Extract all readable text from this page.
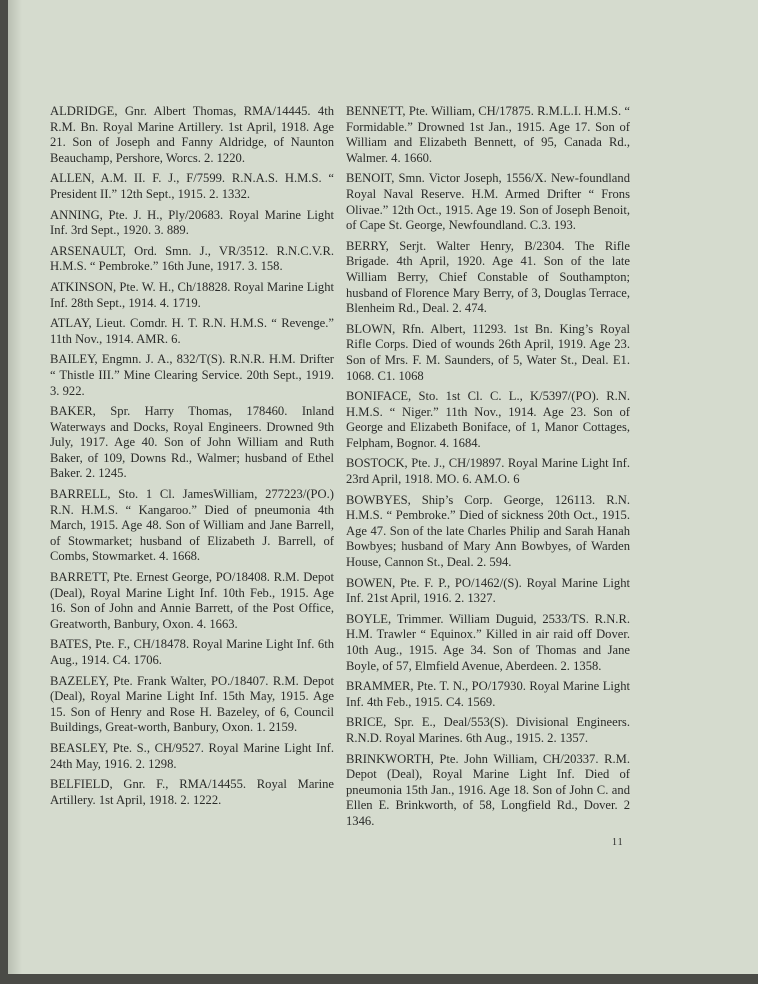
ALDRIDGE, Gnr. Albert Thomas, RMA/14445. 4th R.M. Bn. Royal Marine Artillery. 1st April, 1918. Age 21. Son of Joseph and Fanny Aldridge, of Naunton Beauchamp, Pershore, Worcs. 2. 1220.

ALLEN, A.M. II. F. J., F/7599. R.N.A.S. H.M.S. “ President II.” 12th Sept., 1915. 2. 1332.

ANNING, Pte. J. H., Ply/20683. Royal Marine Light Inf. 3rd Sept., 1920. 3. 889.

ARSENAULT, Ord. Smn. J., VR/3512. R.N.C.V.R. H.M.S. “ Pembroke.” 16th June, 1917. 3. 158.

ATKINSON, Pte. W. H., Ch/18828. Royal Marine Light Inf. 28th Sept., 1914. 4. 1719.

ATLAY, Lieut. Comdr. H. T. R.N. H.M.S. “ Revenge.” 11th Nov., 1914. AMR. 6.

BAILEY, Engmn. J. A., 832/T(S). R.N.R. H.M. Drifter “ Thistle III.” Mine Clearing Service. 20th Sept., 1919. 3. 922.

BAKER, Spr. Harry Thomas, 178460. Inland Waterways and Docks, Royal Engineers. Drowned 9th July, 1917. Age 40. Son of John William and Ruth Baker, of 109, Downs Rd., Walmer; husband of Ethel Baker. 2. 1245.

BARRELL, Sto. 1 Cl. JamesWilliam, 277223/(PO.) R.N. H.M.S. “ Kangaroo.” Died of pneumonia 4th March, 1915. Age 48. Son of William and Jane Barrell, of Stowmarket; husband of Elizabeth J. Barrell, of Combs, Stowmarket. 4. 1668.

BARRETT, Pte. Ernest George, PO/18408. R.M. Depot (Deal), Royal Marine Light Inf. 10th Feb., 1915. Age 16. Son of John and Annie Barrett, of the Post Office, Greatworth, Banbury, Oxon. 4. 1663.

BATES, Pte. F., CH/18478. Royal Marine Light Inf. 6th Aug., 1914. C4. 1706.

BAZELEY, Pte. Frank Walter, PO./18407. R.M. Depot (Deal), Royal Marine Light Inf. 15th May, 1915. Age 15. Son of Henry and Rose H. Bazeley, of 6, Council Buildings, Great-worth, Banbury, Oxon. 1. 2159.

BEASLEY, Pte. S., CH/9527. Royal Marine Light Inf. 24th May, 1916. 2. 1298.

BELFIELD, Gnr. F., RMA/14455. Royal Marine Artillery. 1st April, 1918. 2. 1222.

BENNETT, Pte. William, CH/17875. R.M.L.I. H.M.S. “ Formidable.” Drowned 1st Jan., 1915. Age 17. Son of William and Elizabeth Bennett, of 95, Canada Rd., Walmer. 4. 1660.

BENOIT, Smn. Victor Joseph, 1556/X. New-foundland Royal Naval Reserve. H.M. Armed Drifter “ Frons Olivae.” 12th Oct., 1915. Age 19. Son of Joseph Benoit, of Cape St. George, Newfoundland. C.3. 193.

BERRY, Serjt. Walter Henry, B/2304. The Rifle Brigade. 4th April, 1920. Age 41. Son of the late William Berry, Chief Constable of Southampton; husband of Florence Mary Berry, of 3, Douglas Terrace, Blenheim Rd., Deal. 2. 474.

BLOWN, Rfn. Albert, 11293. 1st Bn. King’s Royal Rifle Corps. Died of wounds 26th April, 1919. Age 23. Son of Mrs. F. M. Saunders, of 5, Water St., Deal. E1. 1068. C1. 1068

BONIFACE, Sto. 1st Cl. C. L., K/5397/(PO). R.N. H.M.S. “ Niger.” 11th Nov., 1914. Age 23. Son of George and Elizabeth Boniface, of 1, Manor Cottages, Felpham, Bognor. 4. 1684.

BOSTOCK, Pte. J., CH/19897. Royal Marine Light Inf. 23rd April, 1918. MO. 6. AM.O. 6

BOWBYES, Ship’s Corp. George, 126113. R.N. H.M.S. “ Pembroke.” Died of sickness 20th Oct., 1915. Age 47. Son of the late Charles Philip and Sarah Hanah Bowbyes; husband of Mary Ann Bowbyes, of Warden House, Cannon St., Deal. 2. 594.

BOWEN, Pte. F. P., PO/1462/(S). Royal Marine Light Inf. 21st April, 1916. 2. 1327.

BOYLE, Trimmer. William Duguid, 2533/TS. R.N.R. H.M. Trawler “ Equinox.” Killed in air raid off Dover. 10th Aug., 1915. Age 34. Son of Thomas and Jane Boyle, of 57, Elmfield Avenue, Aberdeen. 2. 1358.

BRAMMER, Pte. T. N., PO/17930. Royal Marine Light Inf. 4th Feb., 1915. C4. 1569.

BRICE, Spr. E., Deal/553(S). Divisional Engineers. R.N.D. Royal Marines. 6th Aug., 1915. 2. 1357.

BRINKWORTH, Pte. John William, CH/20337. R.M. Depot (Deal), Royal Marine Light Inf. Died of pneumonia 15th Jan., 1916. Age 18. Son of John C. and Ellen E. Brinkworth, of 58, Longfield Rd., Dover. 2 1346.

11
